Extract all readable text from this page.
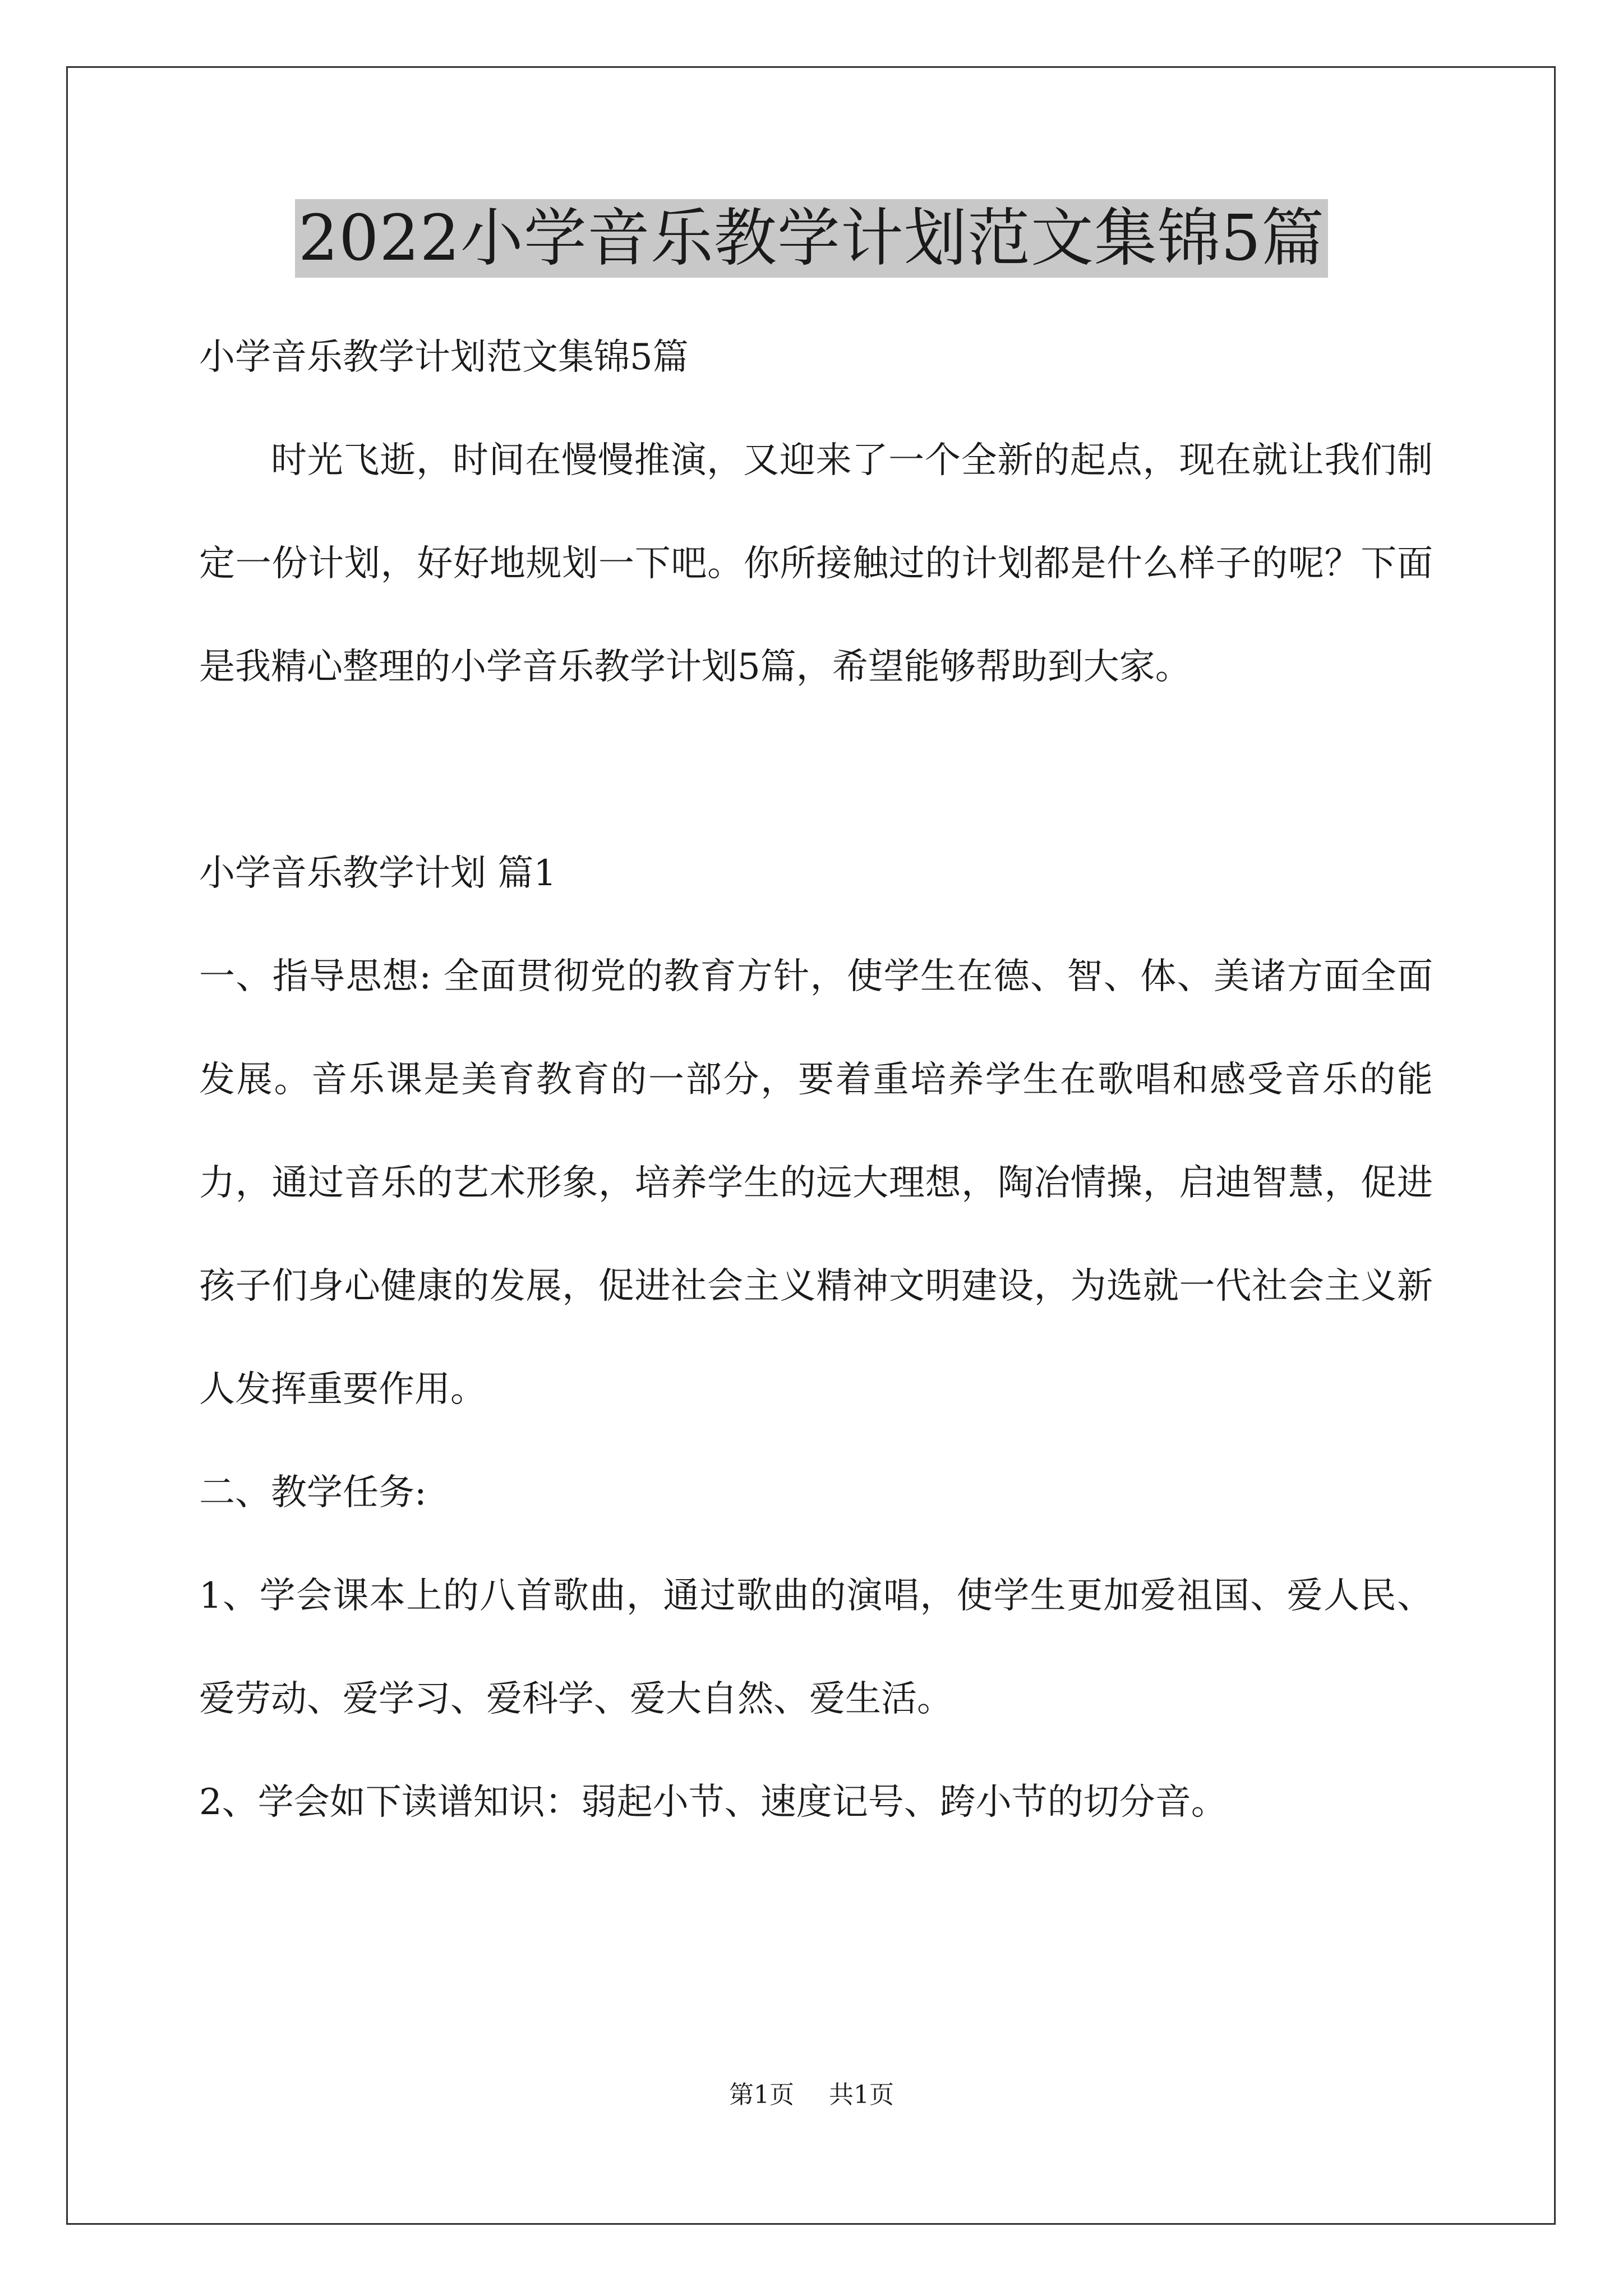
2022小学音乐教学计划范文集锦5篇

小学音乐教学计划范文集锦5篇

时光飞逝，时间在慢慢推演，又迎来了一个全新的起点，现在就让我们制定一份计划，好好地规划一下吧。你所接触过的计划都是什么样子的呢？下面是我精心整理的小学音乐教学计划5篇，希望能够帮助到大家。

小学音乐教学计划 篇1

一、指导思想: 全面贯彻党的教育方针，使学生在德、智、体、美诸方面全面发展。音乐课是美育教育的一部分，要着重培养学生在歌唱和感受音乐的能力，通过音乐的艺术形象，培养学生的远大理想，陶冶情操，启迪智慧，促进孩子们身心健康的发展，促进社会主义精神文明建设，为选就一代社会主义新人发挥重要作用。

二、教学任务:

1、学会课本上的八首歌曲，通过歌曲的演唱，使学生更加爱祖国、爱人民、爱劳动、爱学习、爱科学、爱大自然、爱生活。

2、学会如下读谱知识：弱起小节、速度记号、跨小节的切分音。

第1页 共1页
